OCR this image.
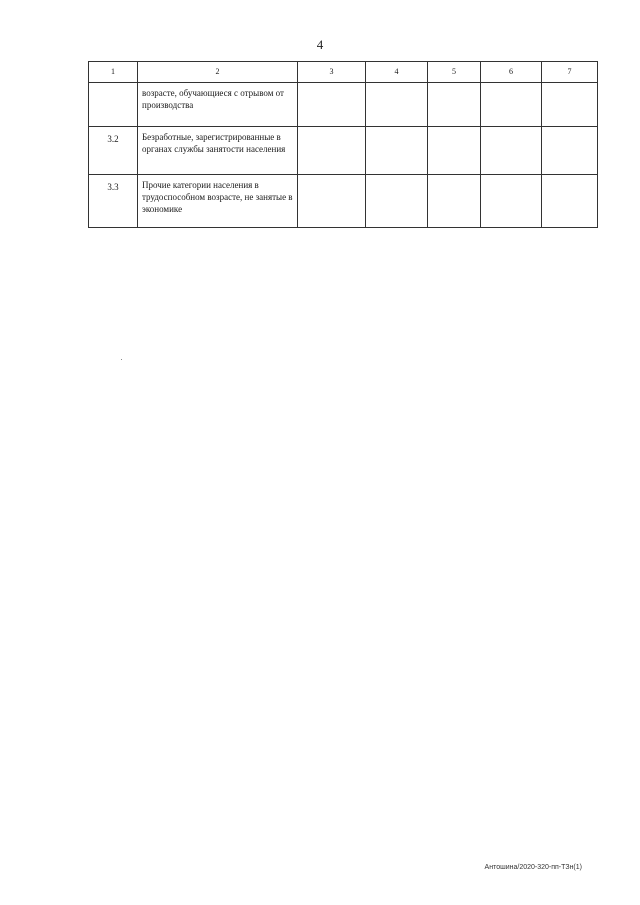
4
1	2	3	4	5	6	7
	возрасте, обучающиеся с отрывом от производства					
3.2	Безработные, зарегистрированные в органах службы занятости населения					
3.3	Прочие категории населения в трудоспособном возрасте, не занятые в экономике					
Антошина/2020-320-пп-ТЗн(1)
